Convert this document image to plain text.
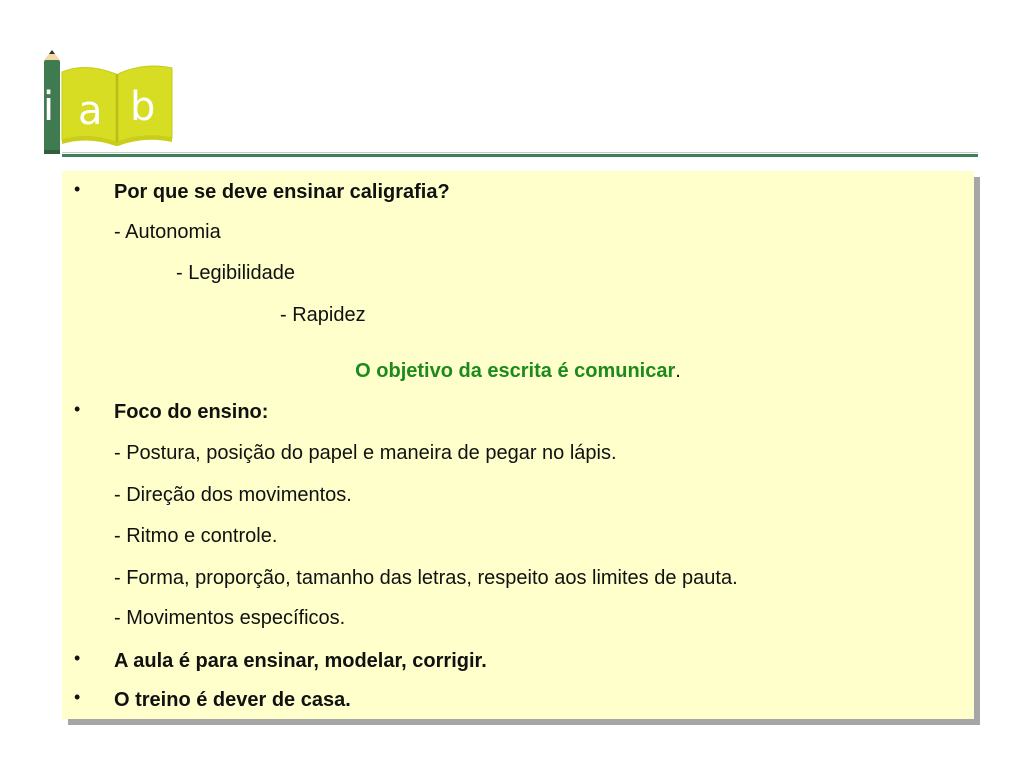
i a b
• Por que se deve ensinar caligrafia?
- Autonomia
- Legibilidade
- Rapidez
O objetivo da escrita é comunicar.
• Foco do ensino:
- Postura, posição do papel e maneira de pegar no lápis.
- Direção dos movimentos.
- Ritmo e controle.
- Forma, proporção, tamanho das letras, respeito aos limites de pauta.
- Movimentos específicos.
• A aula é para ensinar, modelar, corrigir.
• O treino é dever de casa.
